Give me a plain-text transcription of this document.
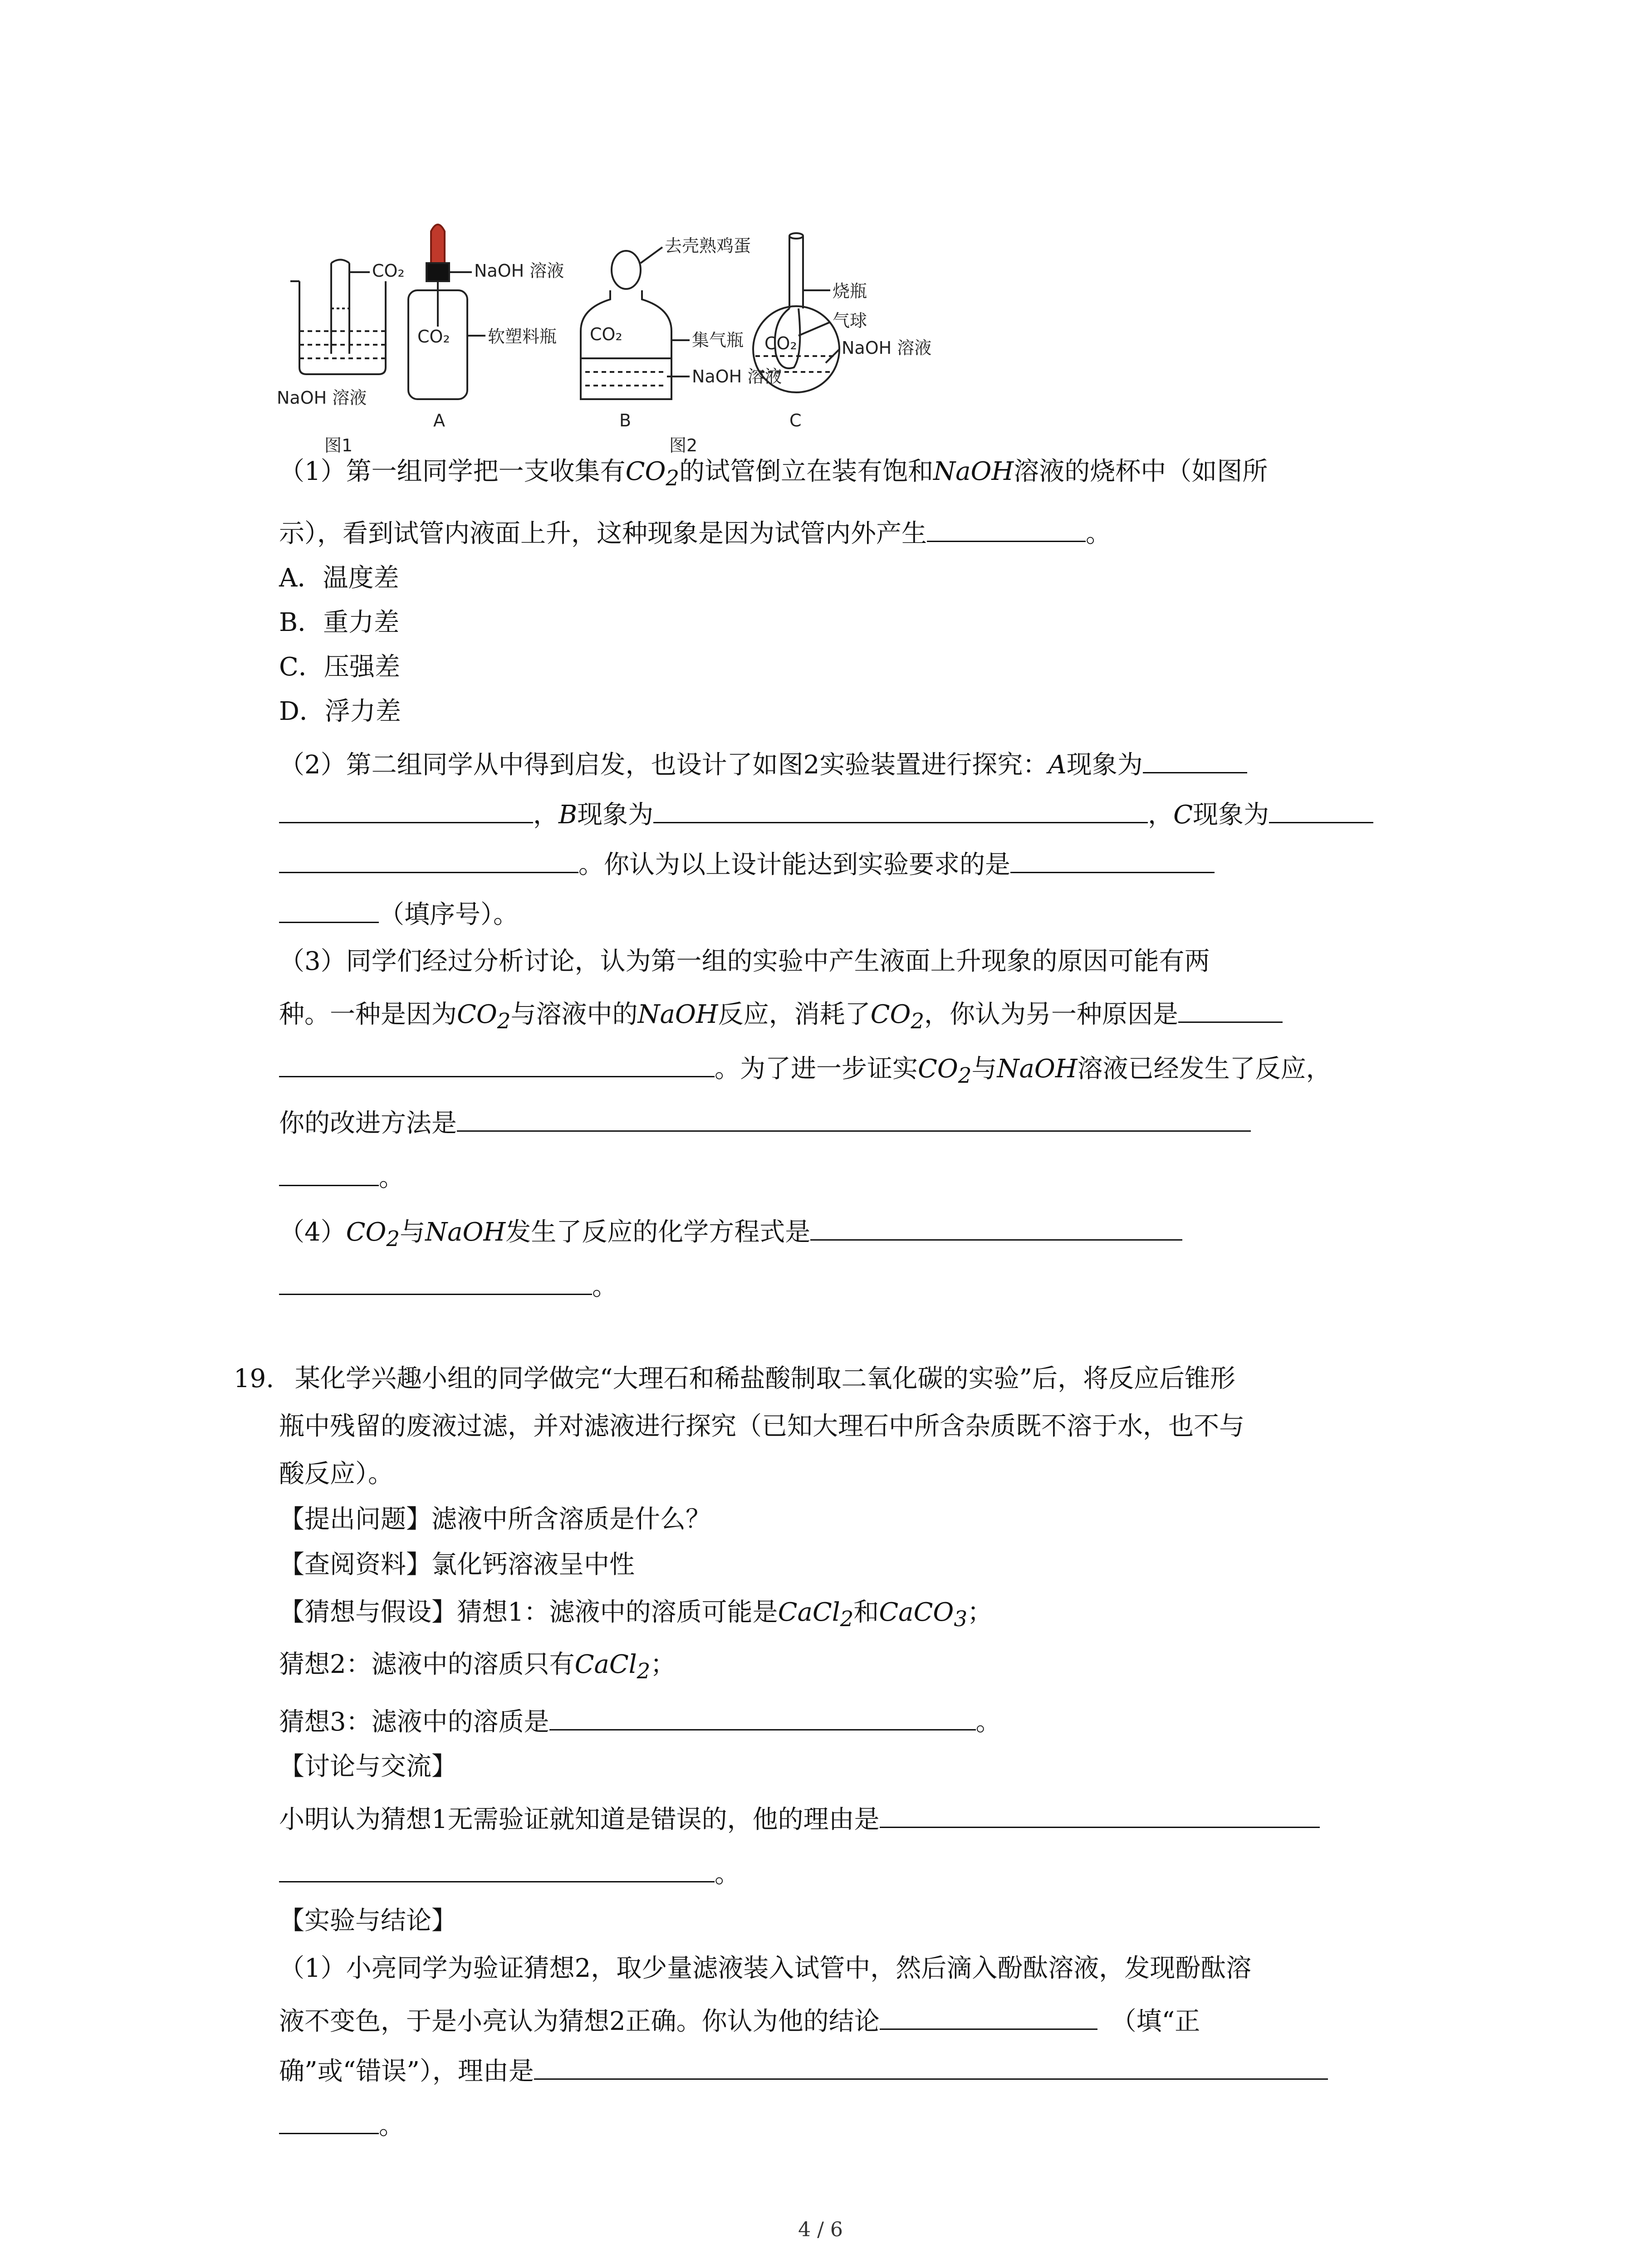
CO₂
NaOH 溶液
图1
NaOH 溶液
CO₂ 软塑料瓶
A
去壳熟鸡蛋
CO₂	集气瓶
NaOH 溶液
B
图2
烧瓶
气球
CO₂	NaOH 溶液
C
（1）第一组同学把一支收集有$CO_2$的试管倒立在装有饱和NaOH溶液的烧杯中（如图所
示），看到试管内液面上升，这种现象是因为试管内外产生	。
A．温度差
B．重力差
C．压强差
D．浮力差
（2）第二组同学从中得到启发，也设计了如图2实验装置进行探究：A现象为
，B现象为	，C现象为
。你认为以上设计能达到实验要求的是
（填序号）。
（3）同学们经过分析讨论，认为第一组的实验中产生液面上升现象的原因可能有两
种。一种是因为$CO_2$与溶液中的NaOH反应，消耗了$CO_2$，你认为另一种原因是
。为了进一步证实$CO_2$与NaOH溶液已经发生了反应，
你的改进方法是
。
$(4)CO_2$与NaOH发生了反应的化学方程式是
。
19. 某化学兴趣小组的同学做完“大理石和稀盐酸制取二氧化碳的实验”后，将反应后锥形
瓶中残留的废液过滤，并对滤液进行探究（已知大理石中所含杂质既不溶于水，也不与
酸反应）。
【提出问题】滤液中所含溶质是什么？
【查阅资料】氯化钙溶液呈中性
【猜想与假设】猜想1：滤液中的溶质可能是CaCl$_2$和CaCO$_3$；
猜想2：滤液中的溶质只有CaCl$_2$；
猜想3：滤液中的溶质是	。
【讨论与交流】
小明认为猜想1无需验证就知道是错误的，他的理由是
。
【实验与结论】
（1）小亮同学为验证猜想2，取少量滤液装入试管中，然后滴入酚酞溶液，发现酚酞溶
液不变色，于是小亮认为猜想2正确。你认为他的结论	（填“正
确”或“错误”），理由是
。
4 / 6
